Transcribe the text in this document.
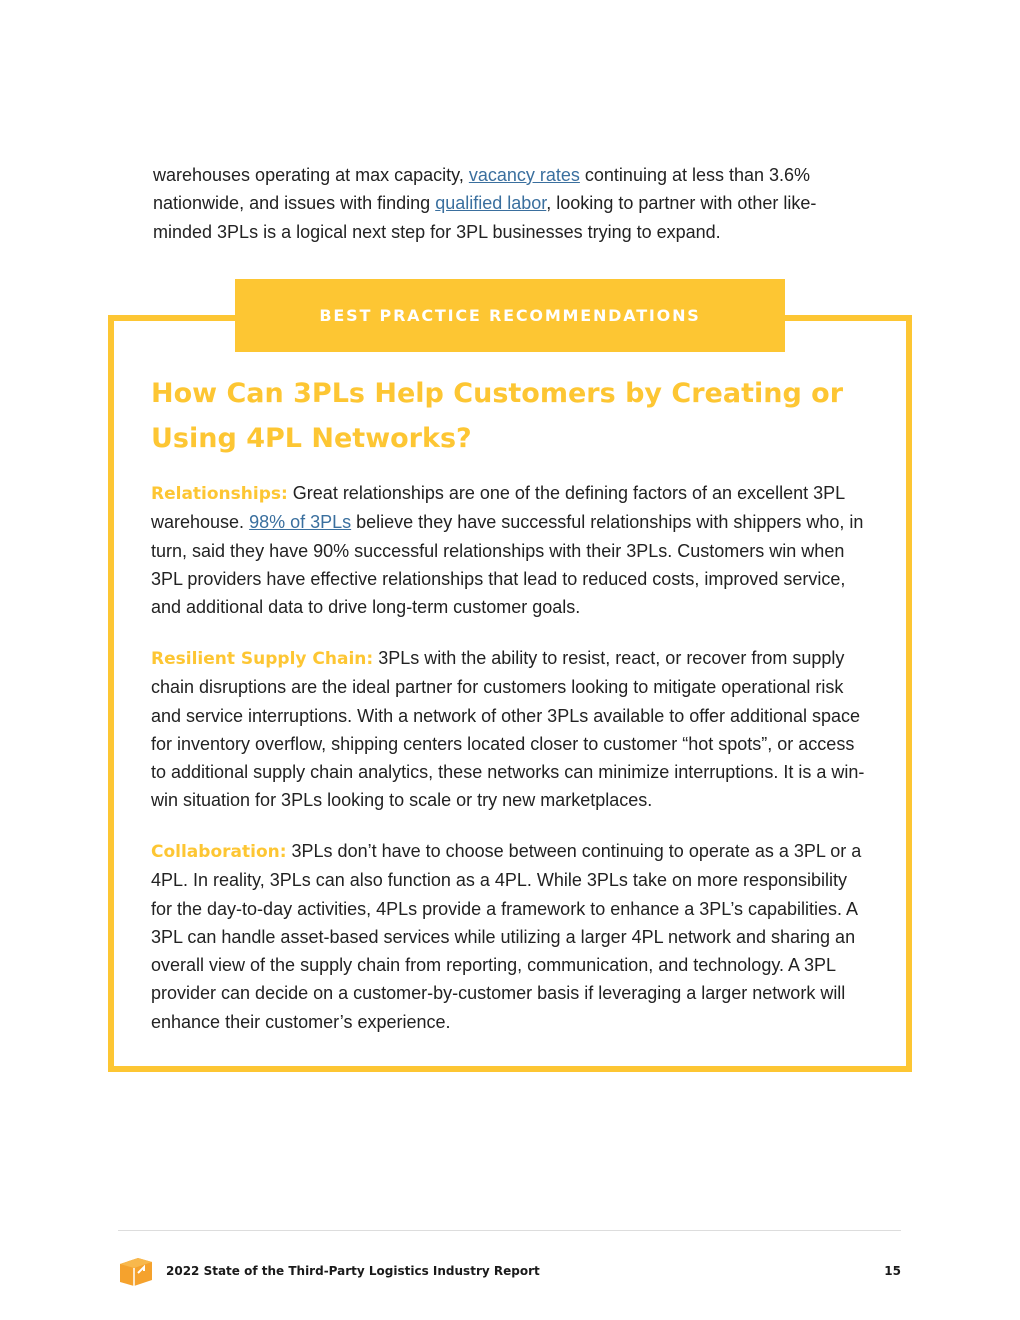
warehouses operating at max capacity, vacancy rates continuing at less than 3.6% nationwide, and issues with finding qualified labor, looking to partner with other like-minded 3PLs is a logical next step for 3PL businesses trying to expand.

BEST PRACTICE RECOMMENDATIONS
How Can 3PLs Help Customers by Creating or Using 4PL Networks?

Relationships: Great relationships are one of the defining factors of an excellent 3PL warehouse. 98% of 3PLs believe they have successful relationships with shippers who, in turn, said they have 90% successful relationships with their 3PLs. Customers win when 3PL providers have effective relationships that lead to reduced costs, improved service, and additional data to drive long-term customer goals.

Resilient Supply Chain: 3PLs with the ability to resist, react, or recover from supply chain disruptions are the ideal partner for customers looking to mitigate operational risk and service interruptions. With a network of other 3PLs available to offer additional space for inventory overflow, shipping centers located closer to customer “hot spots”, or access to additional supply chain analytics, these networks can minimize interruptions. It is a win-win situation for 3PLs looking to scale or try new marketplaces.

Collaboration: 3PLs don’t have to choose between continuing to operate as a 3PL or a 4PL. In reality, 3PLs can also function as a 4PL. While 3PLs take on more responsibility for the day-to-day activities, 4PLs provide a framework to enhance a 3PL’s capabilities. A 3PL can handle asset-based services while utilizing a larger 4PL network and sharing an overall view of the supply chain from reporting, communication, and technology. A 3PL provider can decide on a customer-by-customer basis if leveraging a larger network will enhance their customer’s experience.

2022 State of the Third-Party Logistics Industry Report	15
